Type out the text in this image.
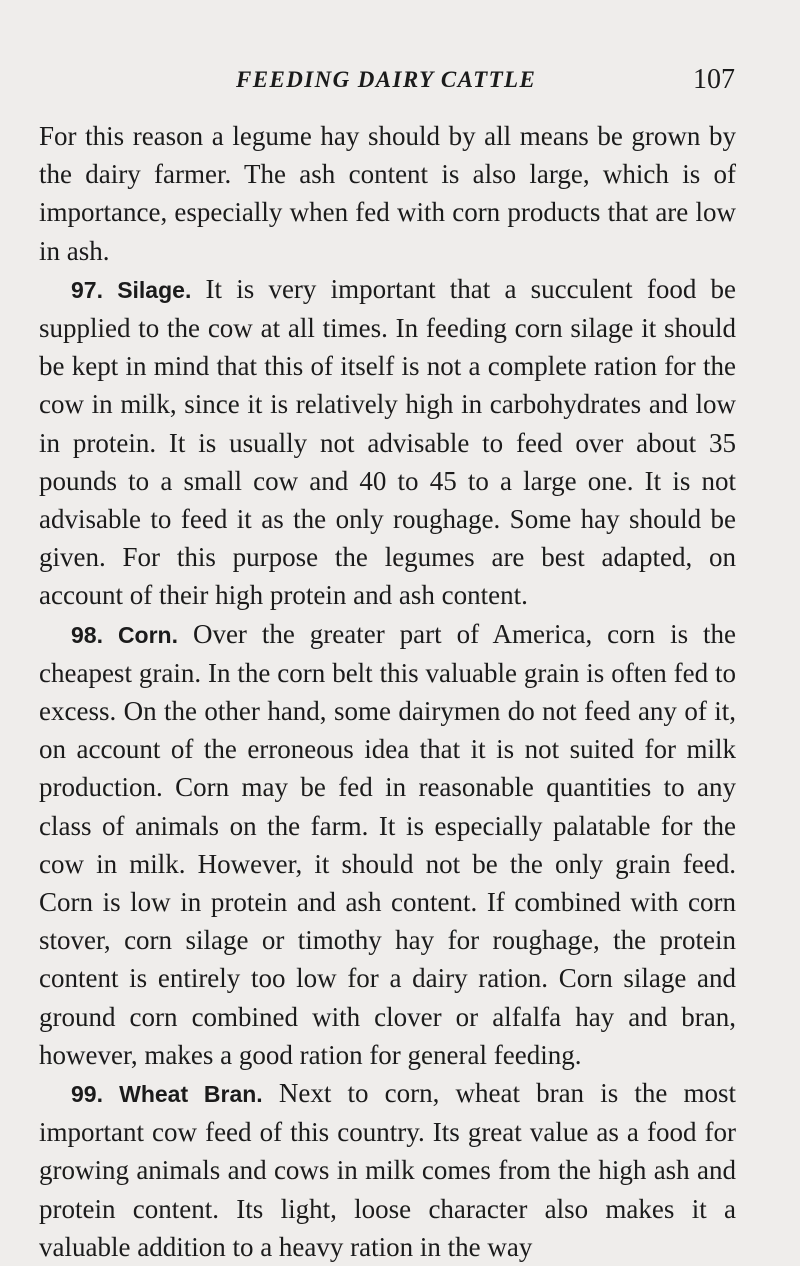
FEEDING DAIRY CATTLE	107

For this reason a legume hay should by all means be grown by the dairy farmer. The ash content is also large, which is of importance, especially when fed with corn products that are low in ash.

97. Silage. It is very important that a succulent food be supplied to the cow at all times. In feeding corn silage it should be kept in mind that this of itself is not a complete ration for the cow in milk, since it is relatively high in carbohydrates and low in protein. It is usually not advisable to feed over about 35 pounds to a small cow and 40 to 45 to a large one. It is not advisable to feed it as the only roughage. Some hay should be given. For this purpose the legumes are best adapted, on account of their high protein and ash content.

98. Corn. Over the greater part of America, corn is the cheapest grain. In the corn belt this valuable grain is often fed to excess. On the other hand, some dairymen do not feed any of it, on account of the erroneous idea that it is not suited for milk production. Corn may be fed in reasonable quantities to any class of animals on the farm. It is especially palatable for the cow in milk. However, it should not be the only grain feed. Corn is low in protein and ash content. If combined with corn stover, corn silage or timothy hay for roughage, the protein content is entirely too low for a dairy ration. Corn silage and ground corn combined with clover or alfalfa hay and bran, however, makes a good ration for general feeding.

99. Wheat Bran. Next to corn, wheat bran is the most important cow feed of this country. Its great value as a food for growing animals and cows in milk comes from the high ash and protein content. Its light, loose character also makes it a valuable addition to a heavy ration in the way
